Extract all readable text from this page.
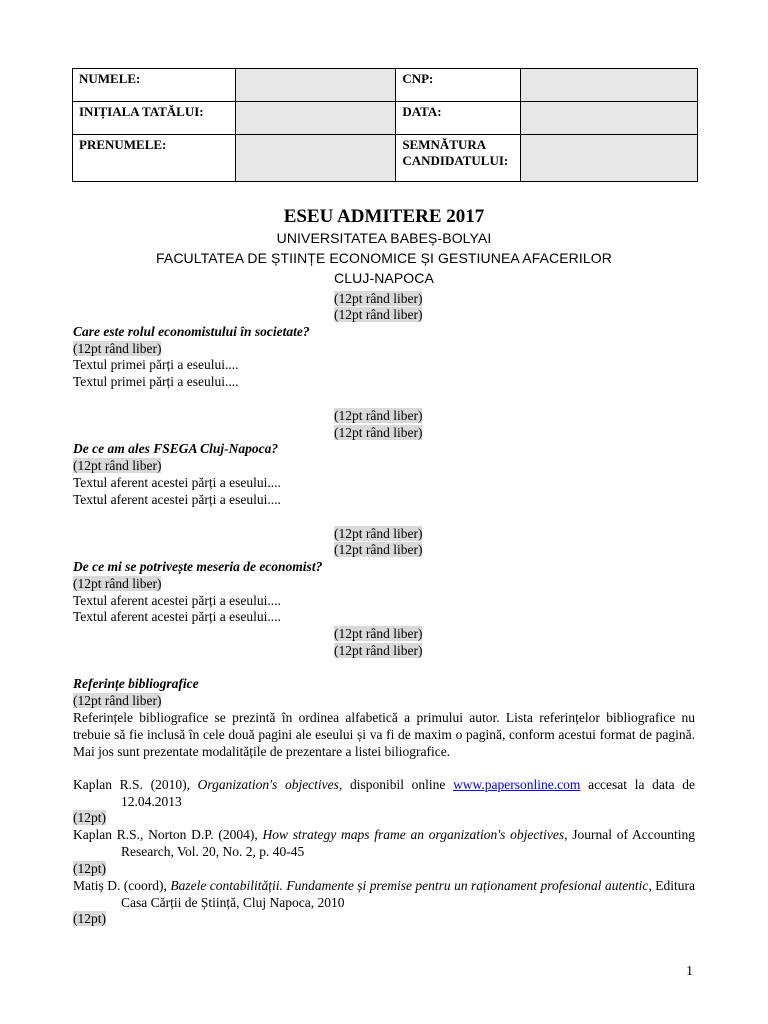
NUMELE:		CNP:	
INIȚIALA TATĂLUI:		DATA:	
PRENUMELE:		SEMNĂTURA CANDIDATULUI:	
ESEU ADMITERE 2017
UNIVERSITATEA BABEȘ-BOLYAI
FACULTATEA DE ȘTIINȚE ECONOMICE ȘI GESTIUNEA AFACERILOR
CLUJ-NAPOCA
(12pt rând liber)
(12pt rând liber)
Care este rolul economistului în societate?
(12pt rând liber)
Textul primei părți a eseului....
Textul primei părți a eseului....
(12pt rând liber)
(12pt rând liber)
De ce am ales FSEGA Cluj-Napoca?
(12pt rând liber)
Textul aferent acestei părți a eseului....
Textul aferent acestei părți a eseului....
(12pt rând liber)
(12pt rând liber)
De ce mi se potrivește meseria de economist?
(12pt rând liber)
Textul aferent acestei părți a eseului....
Textul aferent acestei părți a eseului....
(12pt rând liber)
(12pt rând liber)
Referințe bibliografice
(12pt rând liber)
Referințele bibliografice se prezintă în ordinea alfabetică a primului autor. Lista referințelor bibliografice nu trebuie să fie inclusă în cele două pagini ale eseului și va fi de maxim o pagină, conform acestui format de pagină. Mai jos sunt prezentate modalitățile de prezentare a listei biliografice.
Kaplan R.S. (2010), Organization's objectives, disponibil online www.papersonline.com accesat la data de 12.04.2013
(12pt)
Kaplan R.S., Norton D.P. (2004), How strategy maps frame an organization's objectives, Journal of Accounting Research, Vol. 20, No. 2, p. 40-45
(12pt)
Matiș D. (coord), Bazele contabilității. Fundamente și premise pentru un raționament profesional autentic, Editura Casa Cărții de Știință, Cluj Napoca, 2010
(12pt)
1
